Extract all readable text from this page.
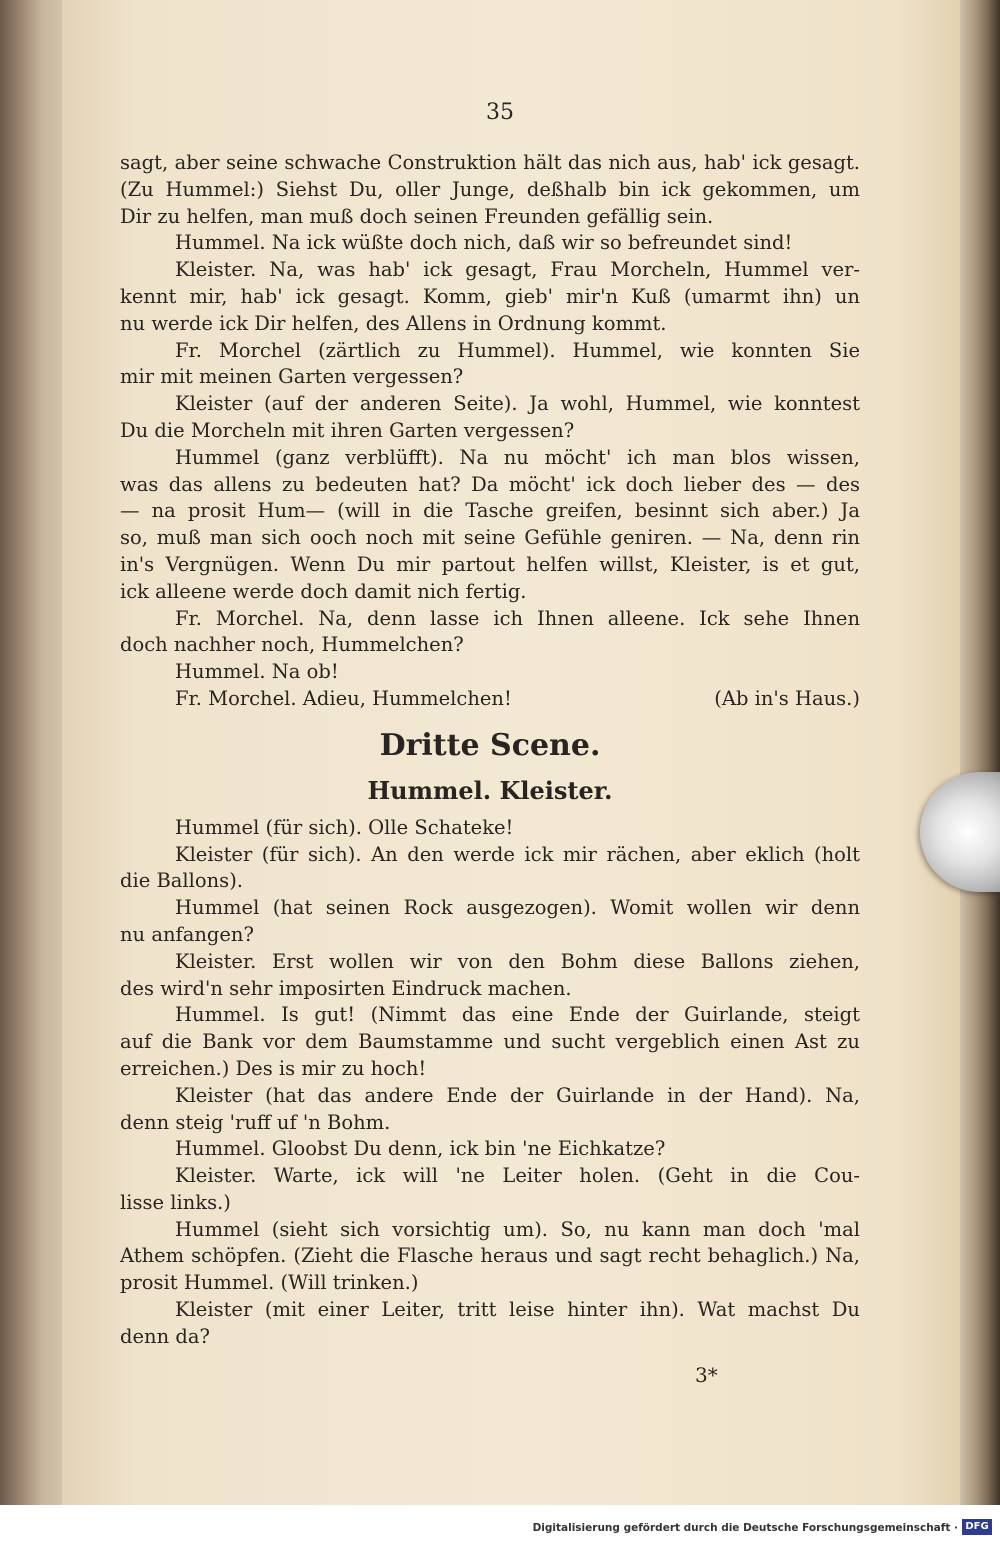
35
sagt, aber seine schwache Construktion hält das nich aus, hab' ick gesagt.
(Zu Hummel:) Siehst Du, oller Junge, deßhalb bin ick gekommen, um
Dir zu helfen, man muß doch seinen Freunden gefällig sein.
Hummel. Na ick wüßte doch nich, daß wir so befreundet sind!
Kleister. Na, was hab' ick gesagt, Frau Morcheln, Hummel ver-
kennt mir, hab' ick gesagt. Komm, gieb' mir'n Kuß (umarmt ihn) un
nu werde ick Dir helfen, des Allens in Ordnung kommt.
Fr. Morchel (zärtlich zu Hummel). Hummel, wie konnten Sie
mir mit meinen Garten vergessen?
Kleister (auf der anderen Seite). Ja wohl, Hummel, wie konntest
Du die Morcheln mit ihren Garten vergessen?
Hummel (ganz verblüfft). Na nu möcht' ich man blos wissen,
was das allens zu bedeuten hat? Da möcht' ick doch lieber des — des
— na prosit Hum— (will in die Tasche greifen, besinnt sich aber.) Ja
so, muß man sich ooch noch mit seine Gefühle geniren. — Na, denn rin
in's Vergnügen. Wenn Du mir partout helfen willst, Kleister, is et gut,
ick alleene werde doch damit nich fertig.
Fr. Morchel. Na, denn lasse ich Ihnen alleene. Ick sehe Ihnen
doch nachher noch, Hummelchen?
Hummel. Na ob!
Fr. Morchel. Adieu, Hummelchen!	(Ab in's Haus.)
Dritte Scene.
Hummel. Kleister.
Hummel (für sich). Olle Schateke!
Kleister (für sich). An den werde ick mir rächen, aber eklich (holt
die Ballons).
Hummel (hat seinen Rock ausgezogen). Womit wollen wir denn
nu anfangen?
Kleister. Erst wollen wir von den Bohm diese Ballons ziehen,
des wird'n sehr imposirten Eindruck machen.
Hummel. Is gut! (Nimmt das eine Ende der Guirlande, steigt
auf die Bank vor dem Baumstamme und sucht vergeblich einen Ast zu
erreichen.) Des is mir zu hoch!
Kleister (hat das andere Ende der Guirlande in der Hand). Na,
denn steig 'ruff uf 'n Bohm.
Hummel. Gloobst Du denn, ick bin 'ne Eichkatze?
Kleister. Warte, ick will 'ne Leiter holen. (Geht in die Cou-
lisse links.)
Hummel (sieht sich vorsichtig um). So, nu kann man doch 'mal
Athem schöpfen. (Zieht die Flasche heraus und sagt recht behaglich.) Na,
prosit Hummel. (Will trinken.)
Kleister (mit einer Leiter, tritt leise hinter ihn). Wat machst Du
denn da?
3*
Digitalisierung gefördert durch die Deutsche Forschungsgemeinschaft · DFG
